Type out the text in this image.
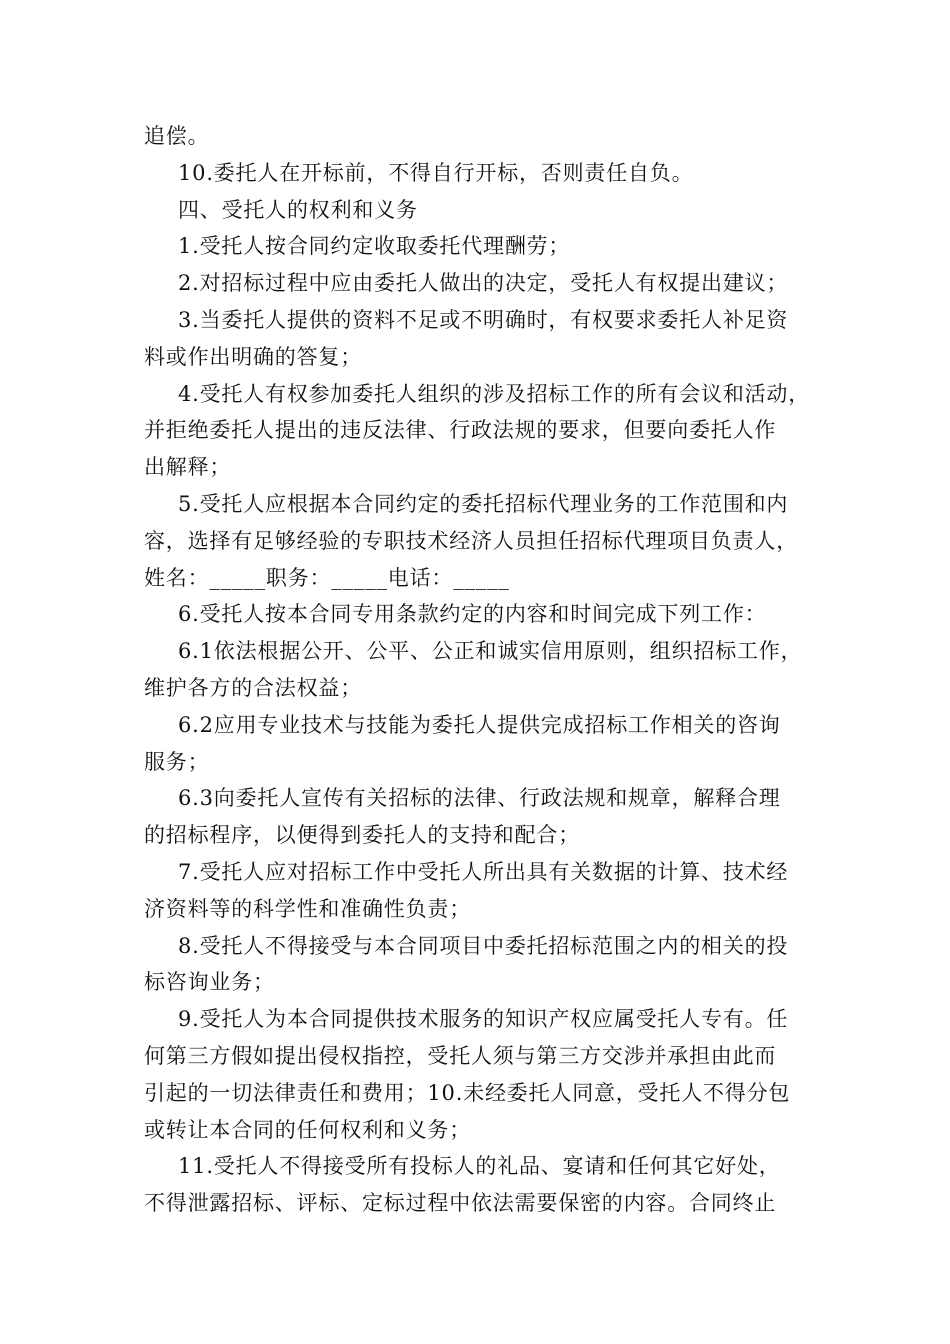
追偿。
10.委托人在开标前，不得自行开标，否则责任自负。
四、受托人的权利和义务
1.受托人按合同约定收取委托代理酬劳；
2.对招标过程中应由委托人做出的决定，受托人有权提出建议；
3.当委托人提供的资料不足或不明确时，有权要求委托人补足资
料或作出明确的答复；
4.受托人有权参加委托人组织的涉及招标工作的所有会议和活动，
并拒绝委托人提出的违反法律、行政法规的要求，但要向委托人作
出解释；
5.受托人应根据本合同约定的委托招标代理业务的工作范围和内
容，选择有足够经验的专职技术经济人员担任招标代理项目负责人，
姓名：_____职务：_____电话：_____
6.受托人按本合同专用条款约定的内容和时间完成下列工作：
6.1依法根据公开、公平、公正和诚实信用原则，组织招标工作，
维护各方的合法权益；
6.2应用专业技术与技能为委托人提供完成招标工作相关的咨询
服务；
6.3向委托人宣传有关招标的法律、行政法规和规章，解释合理
的招标程序，以便得到委托人的支持和配合；
7.受托人应对招标工作中受托人所出具有关数据的计算、技术经
济资料等的科学性和准确性负责；
8.受托人不得接受与本合同项目中委托招标范围之内的相关的投
标咨询业务；
9.受托人为本合同提供技术服务的知识产权应属受托人专有。任
何第三方假如提出侵权指控，受托人须与第三方交涉并承担由此而
引起的一切法律责任和费用；10.未经委托人同意，受托人不得分包
或转让本合同的任何权利和义务；
11.受托人不得接受所有投标人的礼品、宴请和任何其它好处，
不得泄露招标、评标、定标过程中依法需要保密的内容。合同终止
